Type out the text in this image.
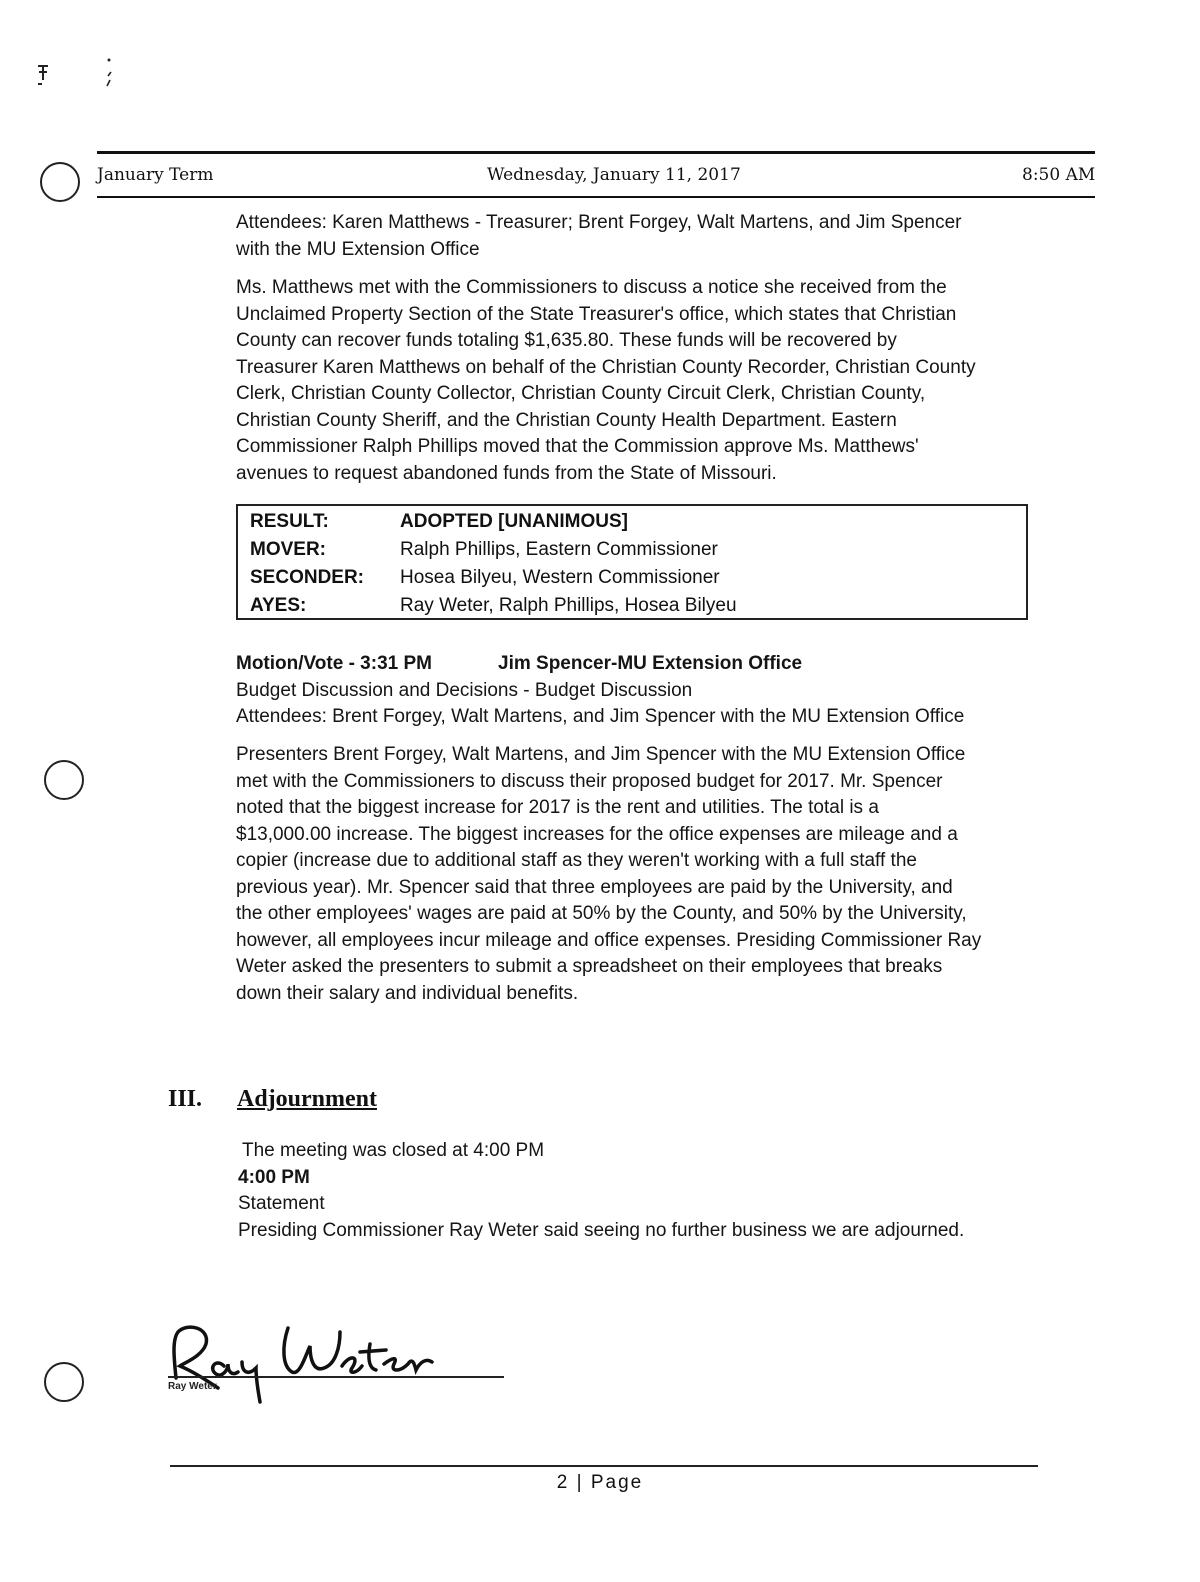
January Term	Wednesday, January 11, 2017	8:50 AM
Attendees: Karen Matthews - Treasurer; Brent Forgey, Walt Martens, and Jim Spencer
with the MU Extension Office
Ms. Matthews met with the Commissioners to discuss a notice she received from the
Unclaimed Property Section of the State Treasurer's office, which states that Christian
County can recover funds totaling $1,635.80. These funds will be recovered by
Treasurer Karen Matthews on behalf of the Christian County Recorder, Christian County
Clerk, Christian County Collector, Christian County Circuit Clerk, Christian County,
Christian County Sheriff, and the Christian County Health Department. Eastern
Commissioner Ralph Phillips moved that the Commission approve Ms. Matthews'
avenues to request abandoned funds from the State of Missouri.
RESULT:	ADOPTED [UNANIMOUS]
MOVER:	Ralph Phillips, Eastern Commissioner
SECONDER: Hosea Bilyeu, Western Commissioner
AYES:	Ray Weter, Ralph Phillips, Hosea Bilyeu
Motion/Vote - 3:31 PM	Jim Spencer-MU Extension Office
Budget Discussion and Decisions - Budget Discussion
Attendees: Brent Forgey, Walt Martens, and Jim Spencer with the MU Extension Office
Presenters Brent Forgey, Walt Martens, and Jim Spencer with the MU Extension Office
met with the Commissioners to discuss their proposed budget for 2017. Mr. Spencer
noted that the biggest increase for 2017 is the rent and utilities. The total is a
$13,000.00 increase. The biggest increases for the office expenses are mileage and a
copier (increase due to additional staff as they weren't working with a full staff the
previous year). Mr. Spencer said that three employees are paid by the University, and
the other employees' wages are paid at 50% by the County, and 50% by the University,
however, all employees incur mileage and office expenses. Presiding Commissioner Ray
Weter asked the presenters to submit a spreadsheet on their employees that breaks
down their salary and individual benefits.
III. Adjournment
The meeting was closed at 4:00 PM
4:00 PM
Statement
Presiding Commissioner Ray Weter said seeing no further business we are adjourned.
Ray Weter
2 | Page
